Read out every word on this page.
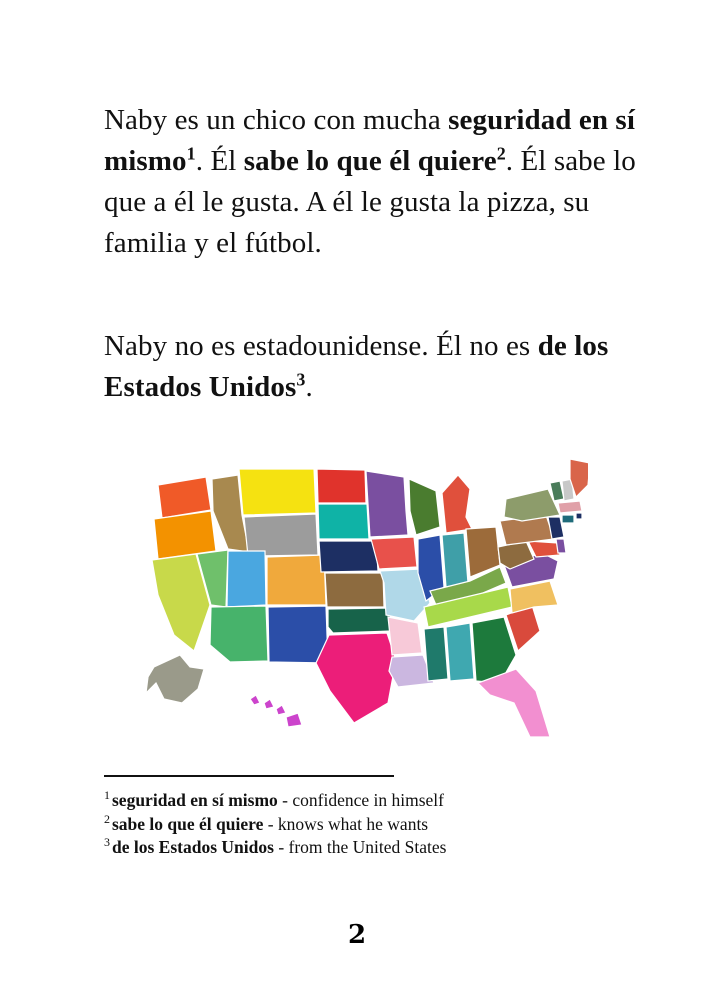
Naby es un chico con mucha seguridad en sí mismo$^1$. Él sabe lo que él quiere$^2$. Él sabe lo que a él le gusta. A él le gusta la pizza, su familia y el fútbol.

Naby no es estadounidense. Él no es de los Estados Unidos$^3$.

$^1$ seguridad en sí mismo - confidence in himself
$^2$ sabe lo que él quiere - knows what he wants
$^3$ de los Estados Unidos - from the United States
2
